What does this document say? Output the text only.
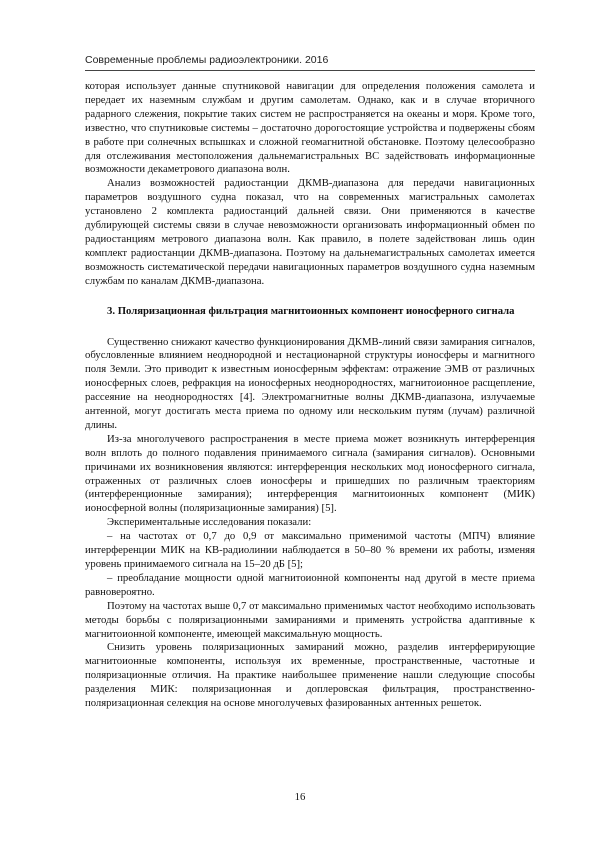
Современные проблемы радиоэлектроники. 2016

которая использует данные спутниковой навигации для определения положения самолета и передает их наземным службам и другим самолетам. Однако, как и в случае вторичного радарного слежения, покрытие таких систем не распространяется на океаны и моря. Кроме того, известно, что спутниковые системы – достаточно дорогостоящие устройства и подвержены сбоям в работе при солнечных вспышках и сложной геомагнитной обстановке. Поэтому целесообразно для отслеживания местоположения дальнемагистральных ВС задействовать информационные возможности декаметрового диапазона волн.

Анализ возможностей радиостанции ДКМВ-диапазона для передачи навигационных параметров воздушного судна показал, что на современных магистральных самолетах установлено 2 комплекта радиостанций дальней связи. Они применяются в качестве дублирующей системы связи в случае невозможности организовать информационный обмен по радиостанциям метрового диапазона волн. Как правило, в полете задействован лишь один комплект радиостанции ДКМВ-диапазона. Поэтому на дальнемагистральных самолетах имеется возможность систематической передачи навигационных параметров воздушного судна наземным службам по каналам ДКМВ-диапазона.

3. Поляризационная фильтрация магнитоионных компонент ионосферного сигнала

Существенно снижают качество функционирования ДКМВ-линий связи замирания сигналов, обусловленные влиянием неоднородной и нестационарной структуры ионосферы и магнитного поля Земли. Это приводит к известным ионосферным эффектам: отражение ЭМВ от различных ионосферных слоев, рефракция на ионосферных неоднородностях, магнитоионное расщепление, рассеяние на неоднородностях [4]. Электромагнитные волны ДКМВ-диапазона, излучаемые антенной, могут достигать места приема по одному или нескольким путям (лучам) различной длины.

Из-за многолучевого распространения в месте приема может возникнуть интерференция волн вплоть до полного подавления принимаемого сигнала (замирания сигналов). Основными причинами их возникновения являются: интерференция нескольких мод ионосферного сигнала, отраженных от различных слоев ионосферы и пришедших по различным траекториям (интерференционные замирания); интерференция магнитоионных компонент (МИК) ионосферной волны (поляризационные замирания) [5].

Экспериментальные исследования показали:

– на частотах от 0,7 до 0,9 от максимально применимой частоты (МПЧ) влияние интерференции МИК на КВ-радиолинии наблюдается в 50–80 % времени их работы, изменяя уровень принимаемого сигнала на 15–20 дБ [5];

– преобладание мощности одной магнитоионной компоненты над другой в месте приема равновероятно.

Поэтому на частотах выше 0,7 от максимально применимых частот необходимо использовать методы борьбы с поляризационными замираниями и применять устройства адаптивные к магнитоионной компоненте, имеющей максимальную мощность.

Снизить уровень поляризационных замираний можно, разделив интерферирующие магнитоионные компоненты, используя их временные, пространственные, частотные и поляризационные отличия. На практике наибольшее применение нашли следующие способы разделения МИК: поляризационная и доплеровская фильтрация, пространственно-поляризационная селекция на основе многолучевых фазированных антенных решеток.

16
